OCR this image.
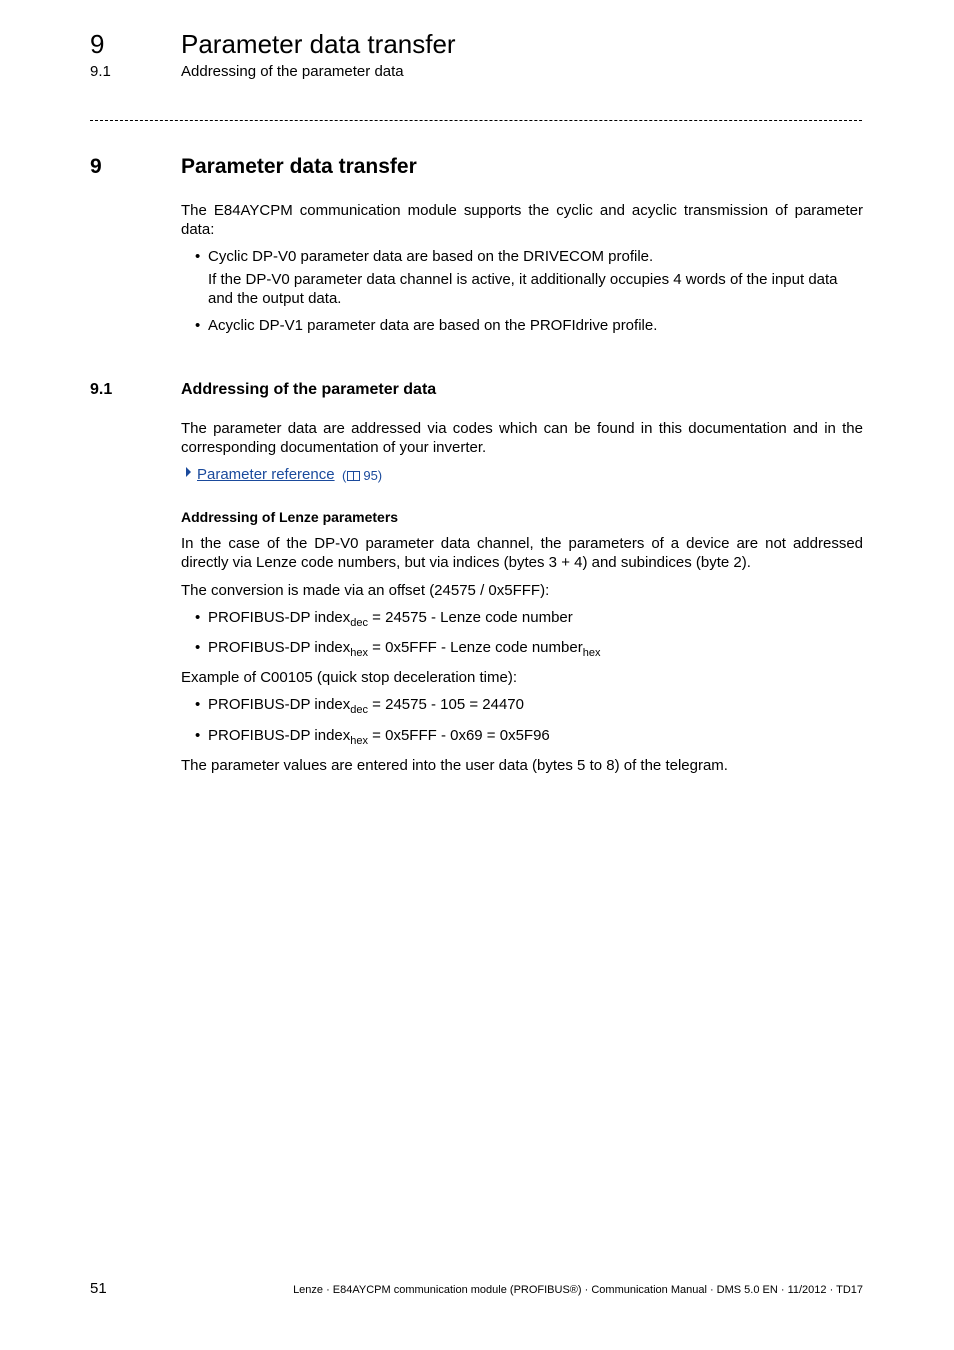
9	Parameter data transfer
9.1	Addressing of the parameter data
9	Parameter data transfer
The E84AYCPM communication module supports the cyclic and acyclic transmission of parameter data:
• Cyclic DP-V0 parameter data are based on the DRIVECOM profile.
If the DP-V0 parameter data channel is active, it additionally occupies 4 words of the input data and the output data.
• Acyclic DP-V1 parameter data are based on the PROFIdrive profile.
9.1	Addressing of the parameter data
The parameter data are addressed via codes which can be found in this documentation and in the corresponding documentation of your inverter.
Parameter reference ( 95)
Addressing of Lenze parameters
In the case of the DP-V0 parameter data channel, the parameters of a device are not addressed directly via Lenze code numbers, but via indices (bytes 3 + 4) and subindices (byte 2).
The conversion is made via an offset (24575 / 0x5FFF):
• PROFIBUS-DP index$_{dec}$ = 24575 - Lenze code number
• PROFIBUS-DP index$_{hex}$ = 0x5FFF - Lenze code number$_{hex}$
Example of C00105 (quick stop deceleration time):
• PROFIBUS-DP index$_{dec}$ = 24575 - 105 = 24470
• PROFIBUS-DP index$_{hex}$ = 0x5FFF - 0x69 = 0x5F96
The parameter values are entered into the user data (bytes 5 to 8) of the telegram.
51	Lenze · E84AYCPM communication module (PROFIBUS®) · Communication Manual · DMS 5.0 EN · 11/2012 · TD17
